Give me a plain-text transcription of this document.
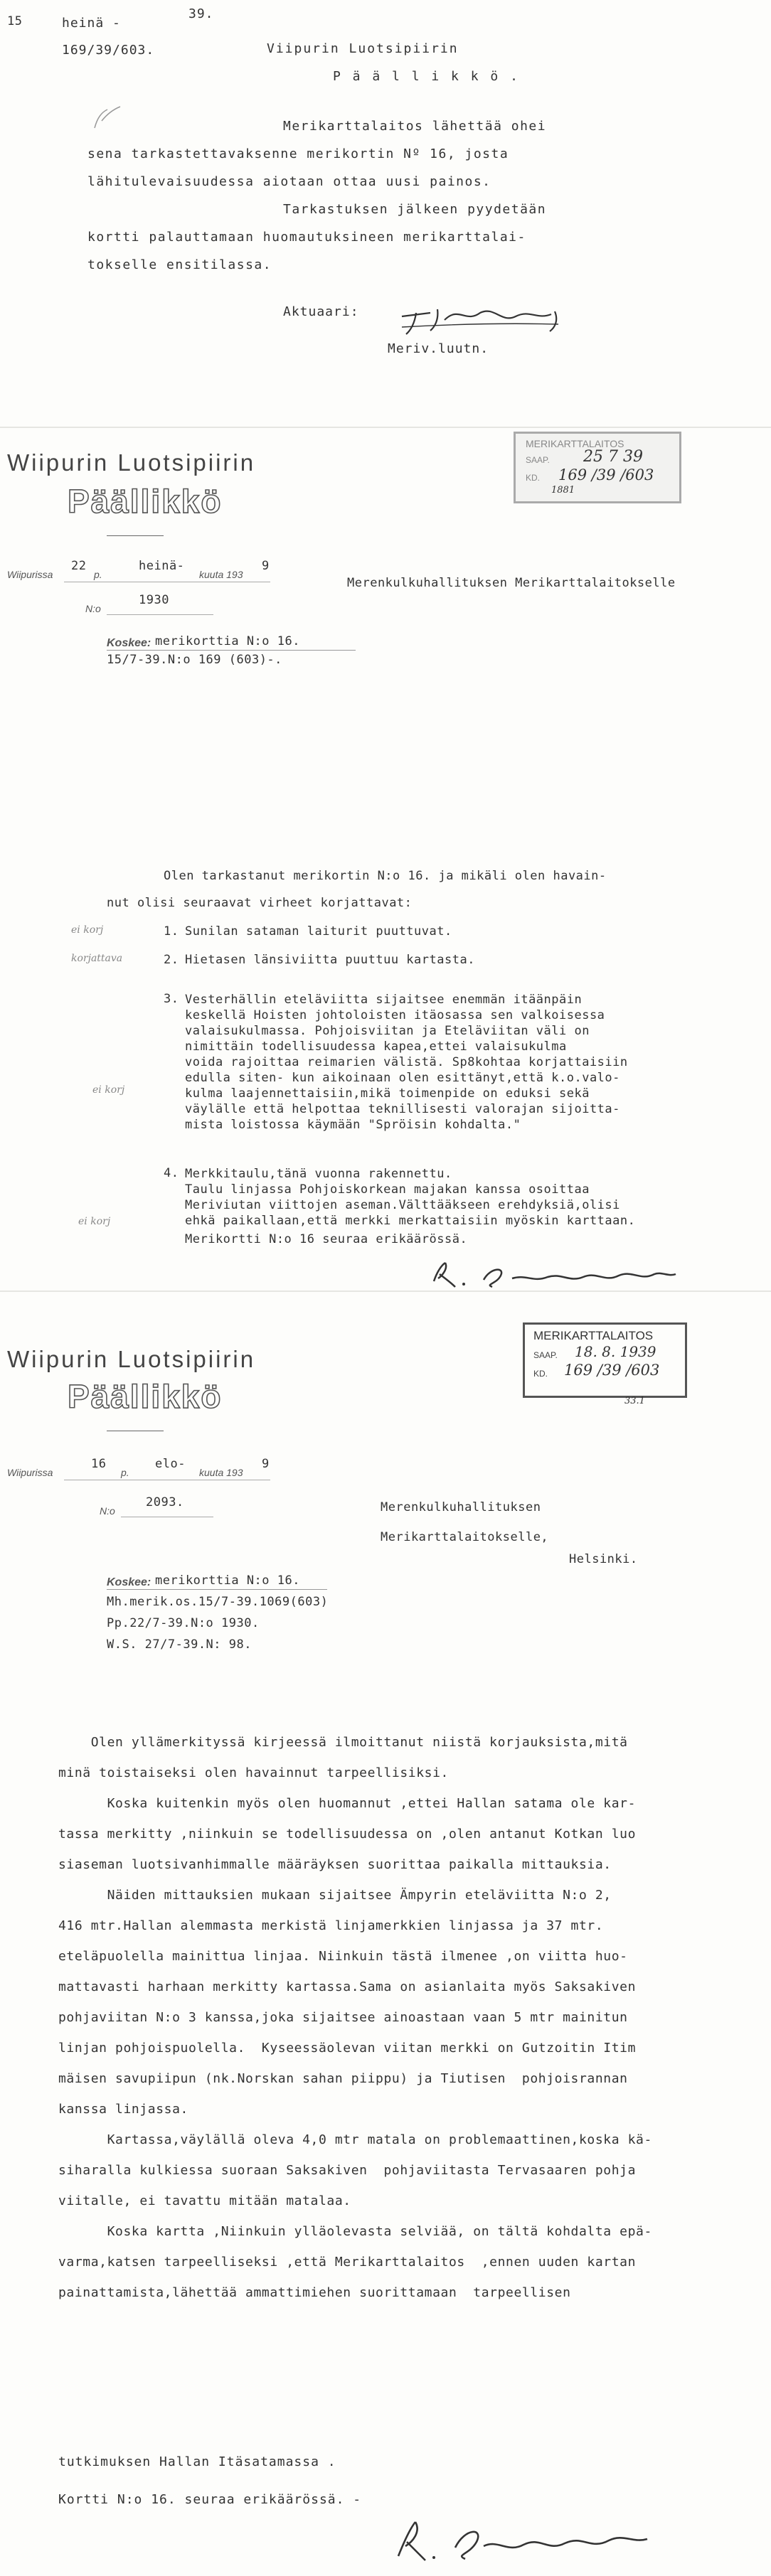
15	heinä -
39.
169/39/603.	Viipurin Luotsipiirin
P ä ä l l i k k ö .
Merikarttalaitos lähettää ohei
sena tarkastettavaksenne merikortin Nº 16, josta
lähitulevaisuudessa aiotaan ottaa uusi painos.
Tarkastuksen jälkeen pyydetään
kortti palauttamaan huomautuksineen merikarttalai-
tokselle ensitilassa.
Aktuaari:
Meriv.luutn.
Wiipurin Luotsipiirin
Päällikkö
Wiipurissa
22
p.
heinä-
kuuta 193
9
N:o
1930
Merenkulkuhallituksen Merikarttalaitokselle
MERIKARTTALAITOS
SAAP. 25 7 39
KD. 169 /39 /603
1881
Koskee: merikorttia N:o 16.
15/7-39.N:o 169 (603)-.
Olen tarkastanut merikortin N:o 16. ja mikäli olen havain-
nut olisi seuraavat virheet korjattavat:
ei korj	1. Sunilan sataman laiturit puuttuvat.
korjattava	2. Hietasen länsiviitta puuttuu kartasta.
3.
ei korj
Vesterhällin eteläviitta sijaitsee enemmän itäänpäin
keskellä Hoisten johtoloisten itäosassa sen valkoisessa
valaisukulmassa. Pohjoisviitan ja Eteläviitan väli on
nimittäin todellisuudessa kapea,ettei valaisukulma
voida rajoittaa reimarien välistä. Sp8kohtaa korjattaisiin
edulla siten- kun aikoinaan olen esittänyt,että k.o.valo-
kulma laajennettaisiin,mikä toimenpide on eduksi sekä
väylälle että helpottaa teknillisesti valorajan sijoitta-
mista loistossa käymään "Spröisin kohdalta."
4.
ei korj
Merkkitaulu,tänä vuonna rakennettu.
Taulu linjassa Pohjoiskorkean majakan kanssa osoittaa
Meriviutan viittojen aseman.Välttääkseen erehdyksiä,olisi
ehkä paikallaan,että merkki merkattaisiin myöskin karttaan.
Merikortti N:o 16 seuraa erikäärössä.
Wiipurin Luotsipiirin
Päällikkö
Wiipurissa
16
p.
elo-
kuuta 193
9
N:o
2093.	Merenkulkuhallituksen
Merikarttalaitokselle,
Helsinki.
MERIKARTTALAITOS
SAAP. 18. 8. 1939
KD. 169 /39 /603
33.1
Koskee: merikorttia N:o 16.
Mh.merik.os.15/7-39.1069(603)
Pp.22/7-39.N:o 1930.
W.S. 27/7-39.N: 98.
Olen yllämerkityssä kirjeessä ilmoittanut niistä korjauksista,mitä
minä toistaiseksi olen havainnut tarpeellisiksi.
Koska kuitenkin myös olen huomannut ,ettei Hallan satama ole kar-
tassa merkitty ,niinkuin se todellisuudessa on ,olen antanut Kotkan luo
siaseman luotsivanhimmalle määräyksen suorittaa paikalla mittauksia.
Näiden mittauksien mukaan sijaitsee Ämpyrin eteläviitta N:o 2,
416 mtr.Hallan alemmasta merkistä linjamerkkien linjassa ja 37 mtr.
eteläpuolella mainittua linjaa. Niinkuin tästä ilmenee ,on viitta huo-
mattavasti harhaan merkitty kartassa.Sama on asianlaita myös Saksakiven
pohjaviitan N:o 3 kanssa,joka sijaitsee ainoastaan vaan 5 mtr mainitun
linjan pohjoispuolella.  Kyseessäolevan viitan merkki on Gutzoitin Itim
mäisen savupiipun (nk.Norskan sahan piippu) ja Tiutisen  pohjoisrannan
kanssa linjassa.
Kartassa,väylällä oleva 4,0 mtr matala on problemaattinen,koska kä-
siharalla kulkiessa suoraan Saksakiven  pohjaviitasta Tervasaaren pohja
viitalle, ei tavattu mitään matalaa.
Koska kartta ,Niinkuin ylläolevasta selviää, on tältä kohdalta epä-
varma,katsen tarpeelliseksi ,että Merikarttalaitos  ,ennen uuden kartan
painattamista,lähettää ammattimiehen suorittamaan  tarpeellisen
tutkimuksen Hallan Itäsatamassa .
Kortti N:o 16. seuraa erikäärössä. -
